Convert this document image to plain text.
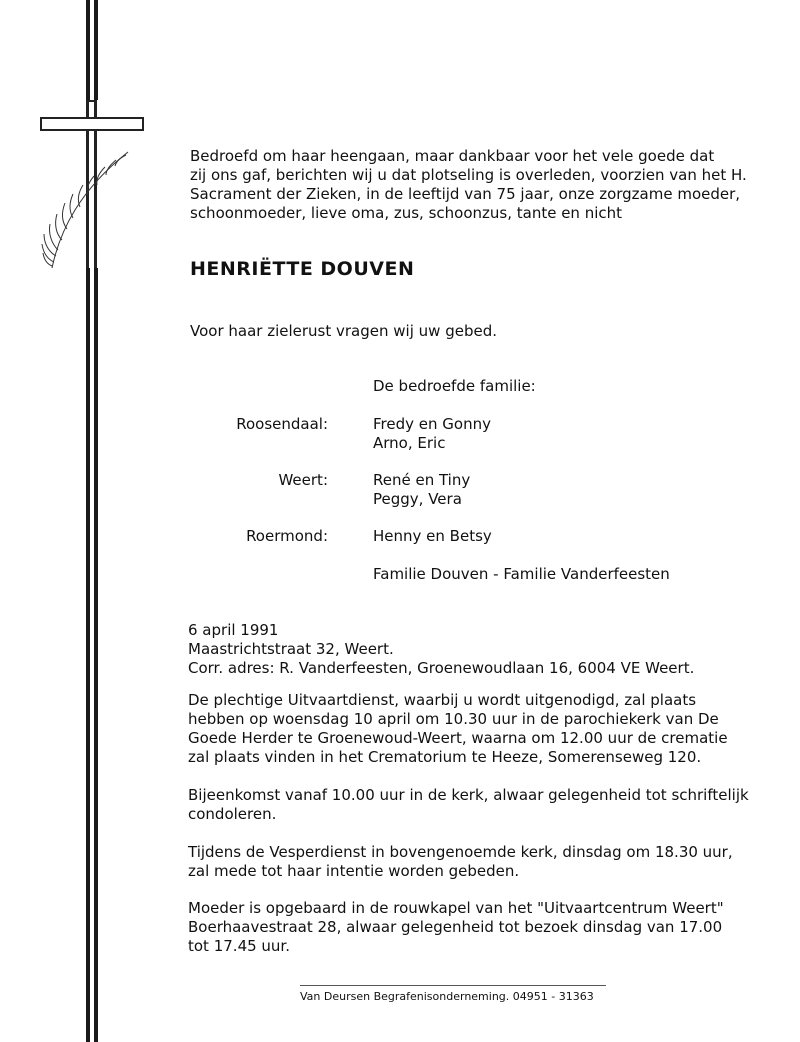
Bedroefd om haar heengaan, maar dankbaar voor het vele goede dat
zij ons gaf, berichten wij u dat plotseling is overleden, voorzien van het H.
Sacrament der Zieken, in de leeftijd van 75 jaar, onze zorgzame moeder,
schoonmoeder, lieve oma, zus, schoonzus, tante en nicht
HENRIËTTE DOUVEN
Voor haar zielerust vragen wij uw gebed.
De bedroefde familie:
Roosendaal:	Fredy en Gonny
Arno, Eric
Weert:	René en Tiny
Peggy, Vera
Roermond:	Henny en Betsy
Familie Douven - Familie Vanderfeesten
6 april 1991
Maastrichtstraat 32, Weert.
Corr. adres: R. Vanderfeesten, Groenewoudlaan 16, 6004 VE Weert.
De plechtige Uitvaartdienst, waarbij u wordt uitgenodigd, zal plaats
hebben op woensdag 10 april om 10.30 uur in de parochiekerk van De
Goede Herder te Groenewoud-Weert, waarna om 12.00 uur de crematie
zal plaats vinden in het Crematorium te Heeze, Somerenseweg 120.
Bijeenkomst vanaf 10.00 uur in de kerk, alwaar gelegenheid tot schriftelijk
condoleren.
Tijdens de Vesperdienst in bovengenoemde kerk, dinsdag om 18.30 uur,
zal mede tot haar intentie worden gebeden.
Moeder is opgebaard in de rouwkapel van het "Uitvaartcentrum Weert"
Boerhaavestraat 28, alwaar gelegenheid tot bezoek dinsdag van 17.00
tot 17.45 uur.
Van Deursen Begrafenisonderneming. 04951 - 31363
